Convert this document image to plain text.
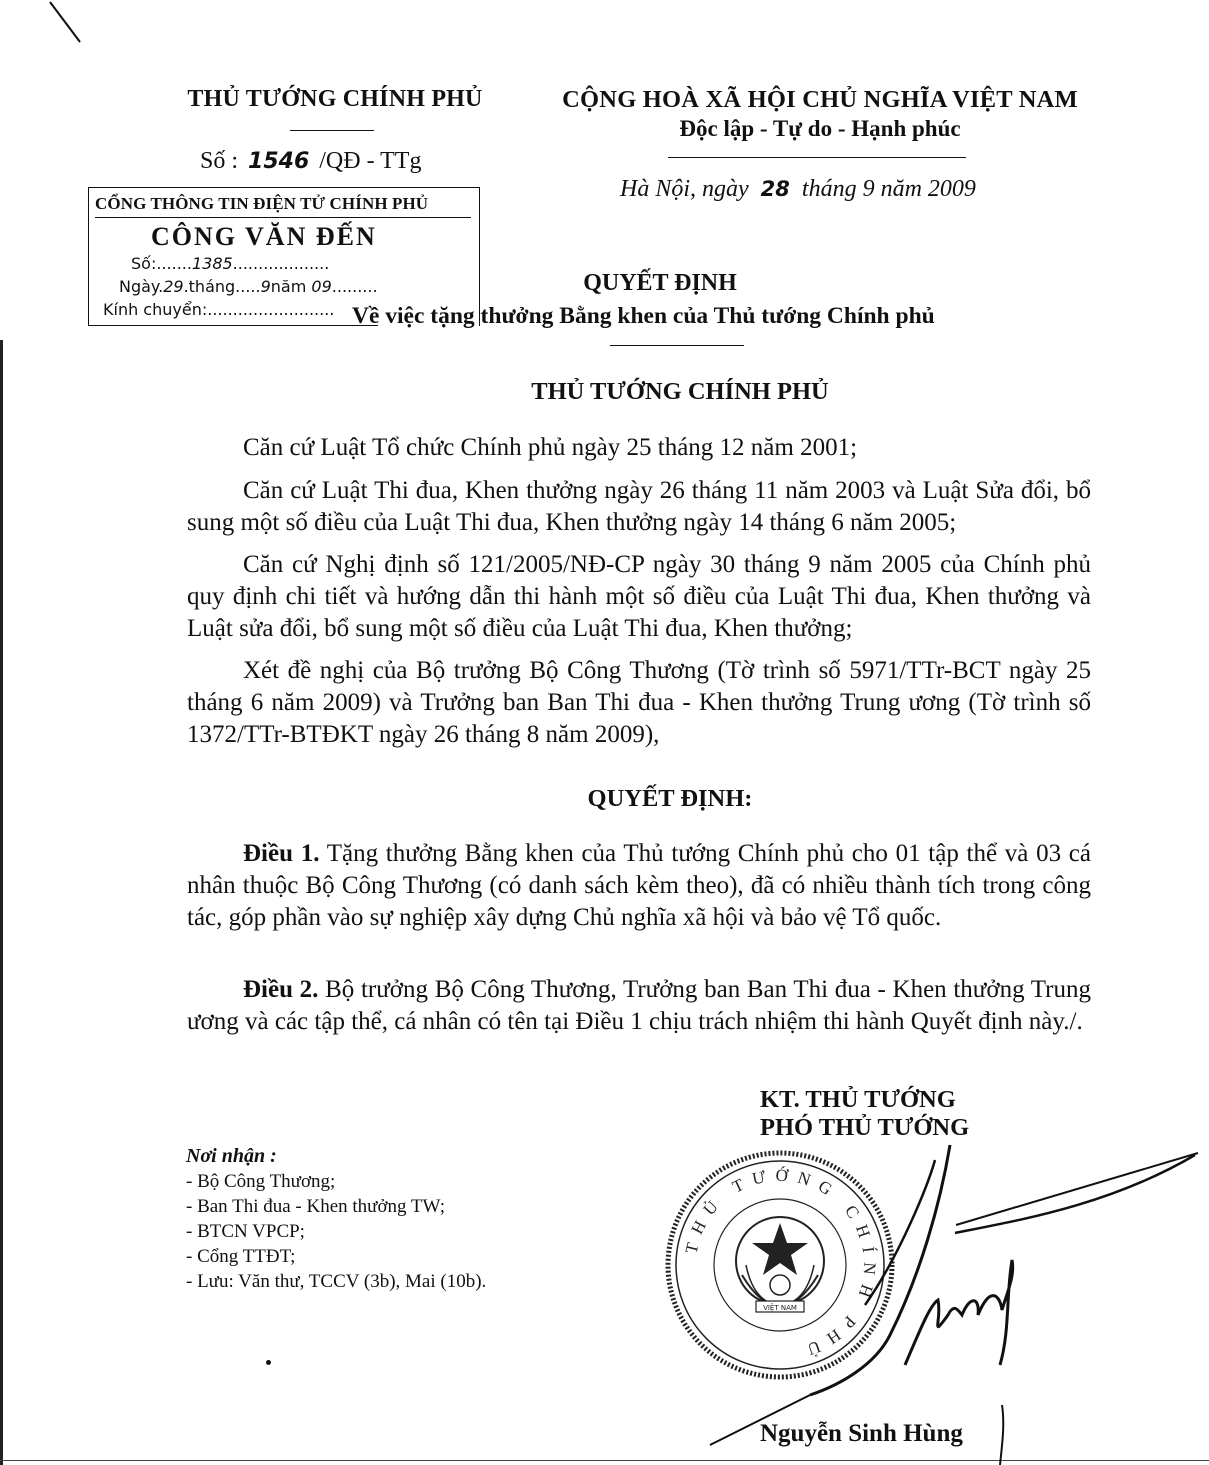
THỦ TƯỚNG CHÍNH PHỦ
Số : 1546 /QĐ - TTg
CỘNG HOÀ XÃ HỘI CHỦ NGHĨA VIỆT NAM
Độc lập - Tự do - Hạnh phúc
Hà Nội, ngày 28 tháng 9 năm 2009
CỔNG THÔNG TIN ĐIỆN TỬ CHÍNH PHỦ
CÔNG VĂN ĐẾN
Số:.......1385...................
Ngày.29.tháng.....9năm 09.........
Kính chuyển:.........................
QUYẾT ĐỊNH
Về việc tặng thưởng Bằng khen của Thủ tướng Chính phủ
THỦ TƯỚNG CHÍNH PHỦ
Căn cứ Luật Tổ chức Chính phủ ngày 25 tháng 12 năm 2001;
Căn cứ Luật Thi đua, Khen thưởng ngày 26 tháng 11 năm 2003 và Luật Sửa đổi, bổ sung một số điều của Luật Thi đua, Khen thưởng ngày 14 tháng 6 năm 2005;
Căn cứ Nghị định số 121/2005/NĐ-CP ngày 30 tháng 9 năm 2005 của Chính phủ quy định chi tiết và hướng dẫn thi hành một số điều của Luật Thi đua, Khen thưởng và Luật sửa đổi, bổ sung một số điều của Luật Thi đua, Khen thưởng;
Xét đề nghị của Bộ trưởng Bộ Công Thương (Tờ trình số 5971/TTr-BCT ngày 25 tháng 6 năm 2009) và Trưởng ban Ban Thi đua - Khen thưởng Trung ương (Tờ trình số 1372/TTr-BTĐKT ngày 26 tháng 8 năm 2009),
QUYẾT ĐỊNH:
Điều 1. Tặng thưởng Bằng khen của Thủ tướng Chính phủ cho 01 tập thể và 03 cá nhân thuộc Bộ Công Thương (có danh sách kèm theo), đã có nhiều thành tích trong công tác, góp phần vào sự nghiệp xây dựng Chủ nghĩa xã hội và bảo vệ Tổ quốc.
Điều 2. Bộ trưởng Bộ Công Thương, Trưởng ban Ban Thi đua - Khen thưởng Trung ương và các tập thể, cá nhân có tên tại Điều 1 chịu trách nhiệm thi hành Quyết định này./.
Nơi nhận :
- Bộ Công Thương;
- Ban Thi đua - Khen thưởng TW;
- BTCN VPCP;
- Cổng TTĐT;
- Lưu: Văn thư, TCCV (3b), Mai (10b).
KT. THỦ TƯỚNG
PHÓ THỦ TƯỚNG
THỦ TƯỚNG CHÍNH PHỦ
VIỆT NAM
Nguyễn Sinh Hùng
